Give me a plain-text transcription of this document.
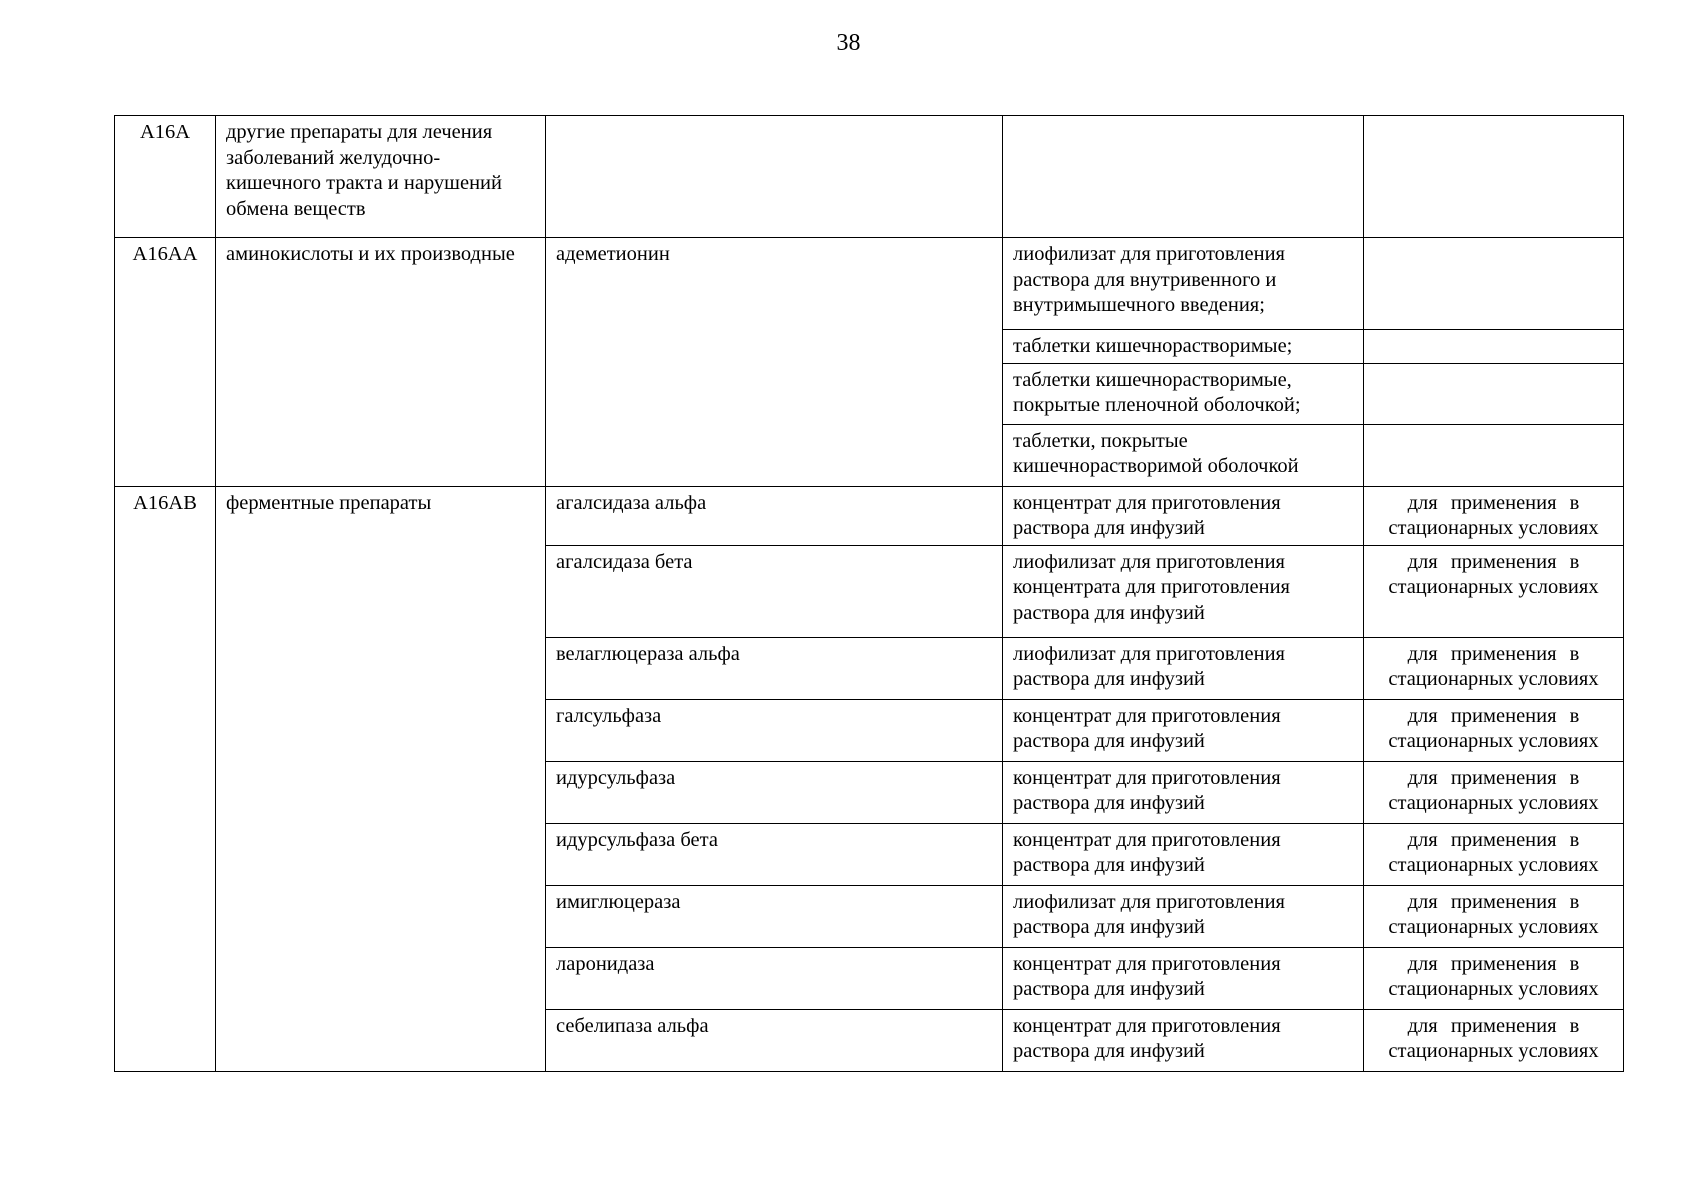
38
A16A	другие препараты для лечения заболеваний желудочно-кишечного тракта и нарушений обмена веществ			
A16AA	аминокислоты и их производные	адеметионин	лиофилизат для приготовления раствора для внутривенного и внутримышечного введения;	
			таблетки кишечнорастворимые;	
			таблетки кишечнорастворимые, покрытые пленочной оболочкой;	
			таблетки, покрытые кишечнорастворимой оболочкой	
A16AB	ферментные препараты	агалсидаза альфа	концентрат для приготовления раствора для инфузий	для применения в
стационарных условиях

		агалсидаза бета	лиофилизат для приготовления концентрата для приготовления раствора для инфузий	для применения в
стационарных условиях

		велаглюцераза альфа	лиофилизат для приготовления раствора для инфузий	для применения в
стационарных условиях

		галсульфаза	концентрат для приготовления раствора для инфузий	для применения в
стационарных условиях

		идурсульфаза	концентрат для приготовления раствора для инфузий	для применения в
стационарных условиях

		идурсульфаза бета	концентрат для приготовления раствора для инфузий	для применения в
стационарных условиях

		имиглюцераза	лиофилизат для приготовления раствора для инфузий	для применения в
стационарных условиях

		ларонидаза	концентрат для приготовления раствора для инфузий	для применения в
стационарных условиях

		себелипаза альфа	концентрат для приготовления раствора для инфузий	для применения в
стационарных условиях
